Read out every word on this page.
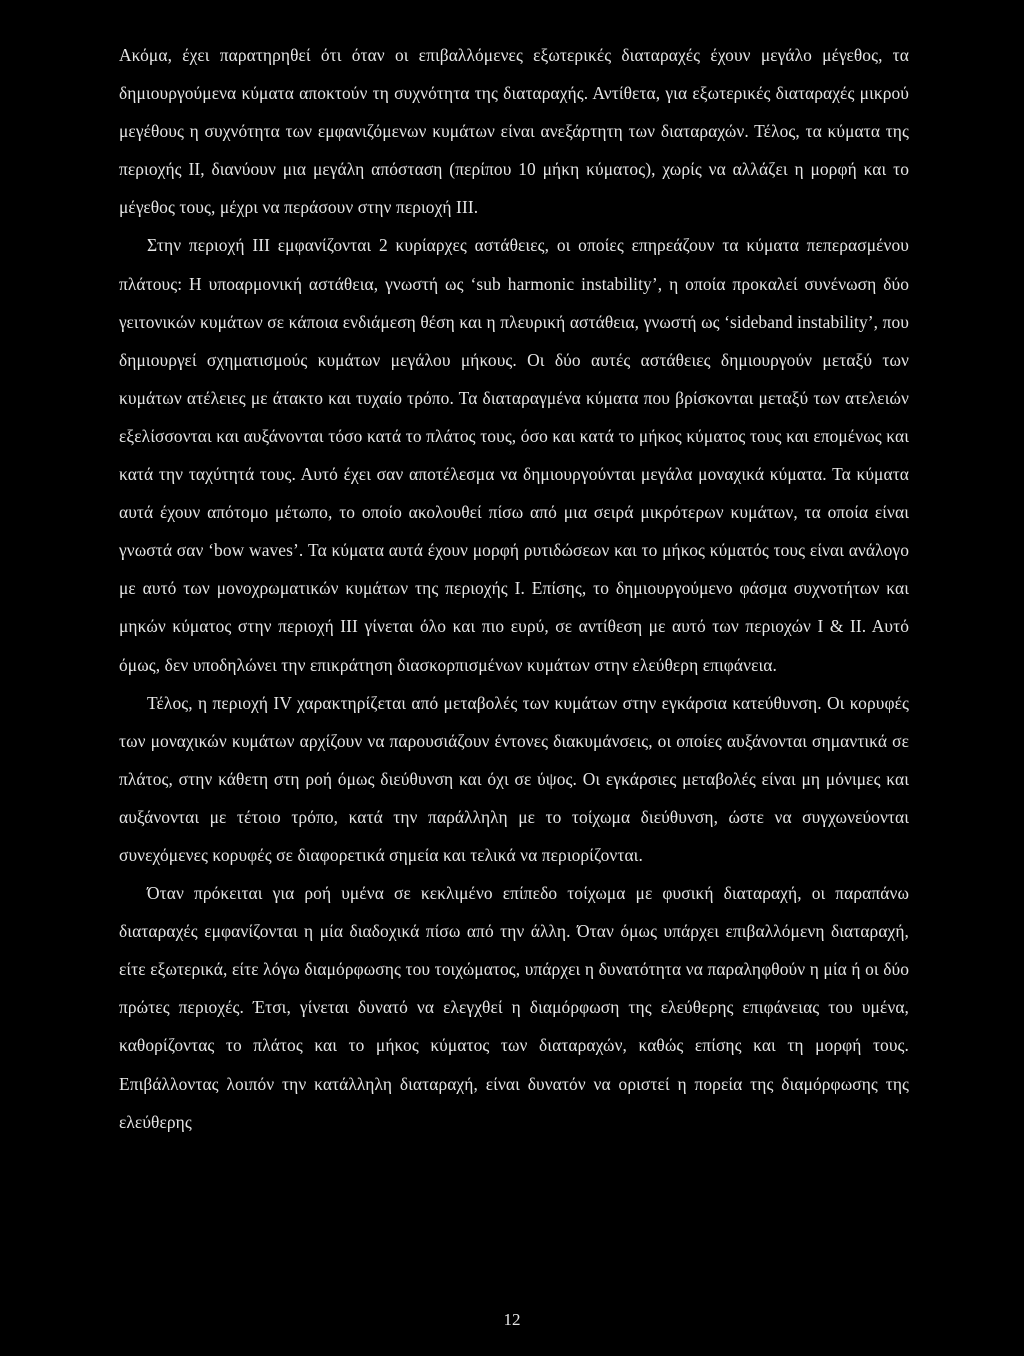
Ακόμα, έχει παρατηρηθεί ότι όταν οι επιβαλλόμενες εξωτερικές διαταραχές έχουν μεγάλο μέγεθος, τα δημιουργούμενα κύματα αποκτούν τη συχνότητα της διαταραχής. Αντίθετα, για εξωτερικές διαταραχές μικρού μεγέθους η συχνότητα των εμφανιζόμενων κυμάτων είναι ανεξάρτητη των διαταραχών. Τέλος, τα κύματα της περιοχής ΙΙ, διανύουν μια μεγάλη απόσταση (περίπου 10 μήκη κύματος), χωρίς να αλλάζει η μορφή και το μέγεθος τους, μέχρι να περάσουν στην περιοχή ΙΙΙ.

Στην περιοχή ΙΙΙ εμφανίζονται 2 κυρίαρχες αστάθειες, οι οποίες επηρεάζουν τα κύματα πεπερασμένου πλάτους: Η υποαρμονική αστάθεια, γνωστή ως ‘sub harmonic instability’, η οποία προκαλεί συνένωση δύο γειτονικών κυμάτων σε κάποια ενδιάμεση θέση και η πλευρική αστάθεια, γνωστή ως ‘sideband instability’, που δημιουργεί σχηματισμούς κυμάτων μεγάλου μήκους. Οι δύο αυτές αστάθειες δημιουργούν μεταξύ των κυμάτων ατέλειες με άτακτο και τυχαίο τρόπο. Τα διαταραγμένα κύματα που βρίσκονται μεταξύ των ατελειών εξελίσσονται και αυξάνονται τόσο κατά το πλάτος τους, όσο και κατά το μήκος κύματος τους και επομένως και κατά την ταχύτητά τους. Αυτό έχει σαν αποτέλεσμα να δημιουργούνται μεγάλα μοναχικά κύματα. Τα κύματα αυτά έχουν απότομο μέτωπο, το οποίο ακολουθεί πίσω από μια σειρά μικρότερων κυμάτων, τα οποία είναι γνωστά σαν ‘bow waves’. Τα κύματα αυτά έχουν μορφή ρυτιδώσεων και το μήκος κύματός τους είναι ανάλογο με αυτό των μονοχρωματικών κυμάτων της περιοχής Ι. Επίσης, το δημιουργούμενο φάσμα συχνοτήτων και μηκών κύματος στην περιοχή ΙΙΙ γίνεται όλο και πιο ευρύ, σε αντίθεση με αυτό των περιοχών Ι & ΙΙ. Αυτό όμως, δεν υποδηλώνει την επικράτηση διασκορπισμένων κυμάτων στην ελεύθερη επιφάνεια.

Τέλος, η περιοχή IV χαρακτηρίζεται από μεταβολές των κυμάτων στην εγκάρσια κατεύθυνση. Οι κορυφές των μοναχικών κυμάτων αρχίζουν να παρουσιάζουν έντονες διακυμάνσεις, οι οποίες αυξάνονται σημαντικά σε πλάτος, στην κάθετη στη ροή όμως διεύθυνση και όχι σε ύψος. Οι εγκάρσιες μεταβολές είναι μη μόνιμες και αυξάνονται με τέτοιο τρόπο, κατά την παράλληλη με το τοίχωμα διεύθυνση, ώστε να συγχωνεύονται συνεχόμενες κορυφές σε διαφορετικά σημεία και τελικά να περιορίζονται.

Όταν πρόκειται για ροή υμένα σε κεκλιμένο επίπεδο τοίχωμα με φυσική διαταραχή, οι παραπάνω διαταραχές εμφανίζονται η μία διαδοχικά πίσω από την άλλη. Όταν όμως υπάρχει επιβαλλόμενη διαταραχή, είτε εξωτερικά, είτε λόγω διαμόρφωσης του τοιχώματος, υπάρχει η δυνατότητα να παραληφθούν η μία ή οι δύο πρώτες περιοχές. Έτσι, γίνεται δυνατό να ελεγχθεί η διαμόρφωση της ελεύθερης επιφάνειας του υμένα, καθορίζοντας το πλάτος και το μήκος κύματος των διαταραχών, καθώς επίσης και τη μορφή τους. Επιβάλλοντας λοιπόν την κατάλληλη διαταραχή, είναι δυνατόν να οριστεί η πορεία της διαμόρφωσης της ελεύθερης

12
